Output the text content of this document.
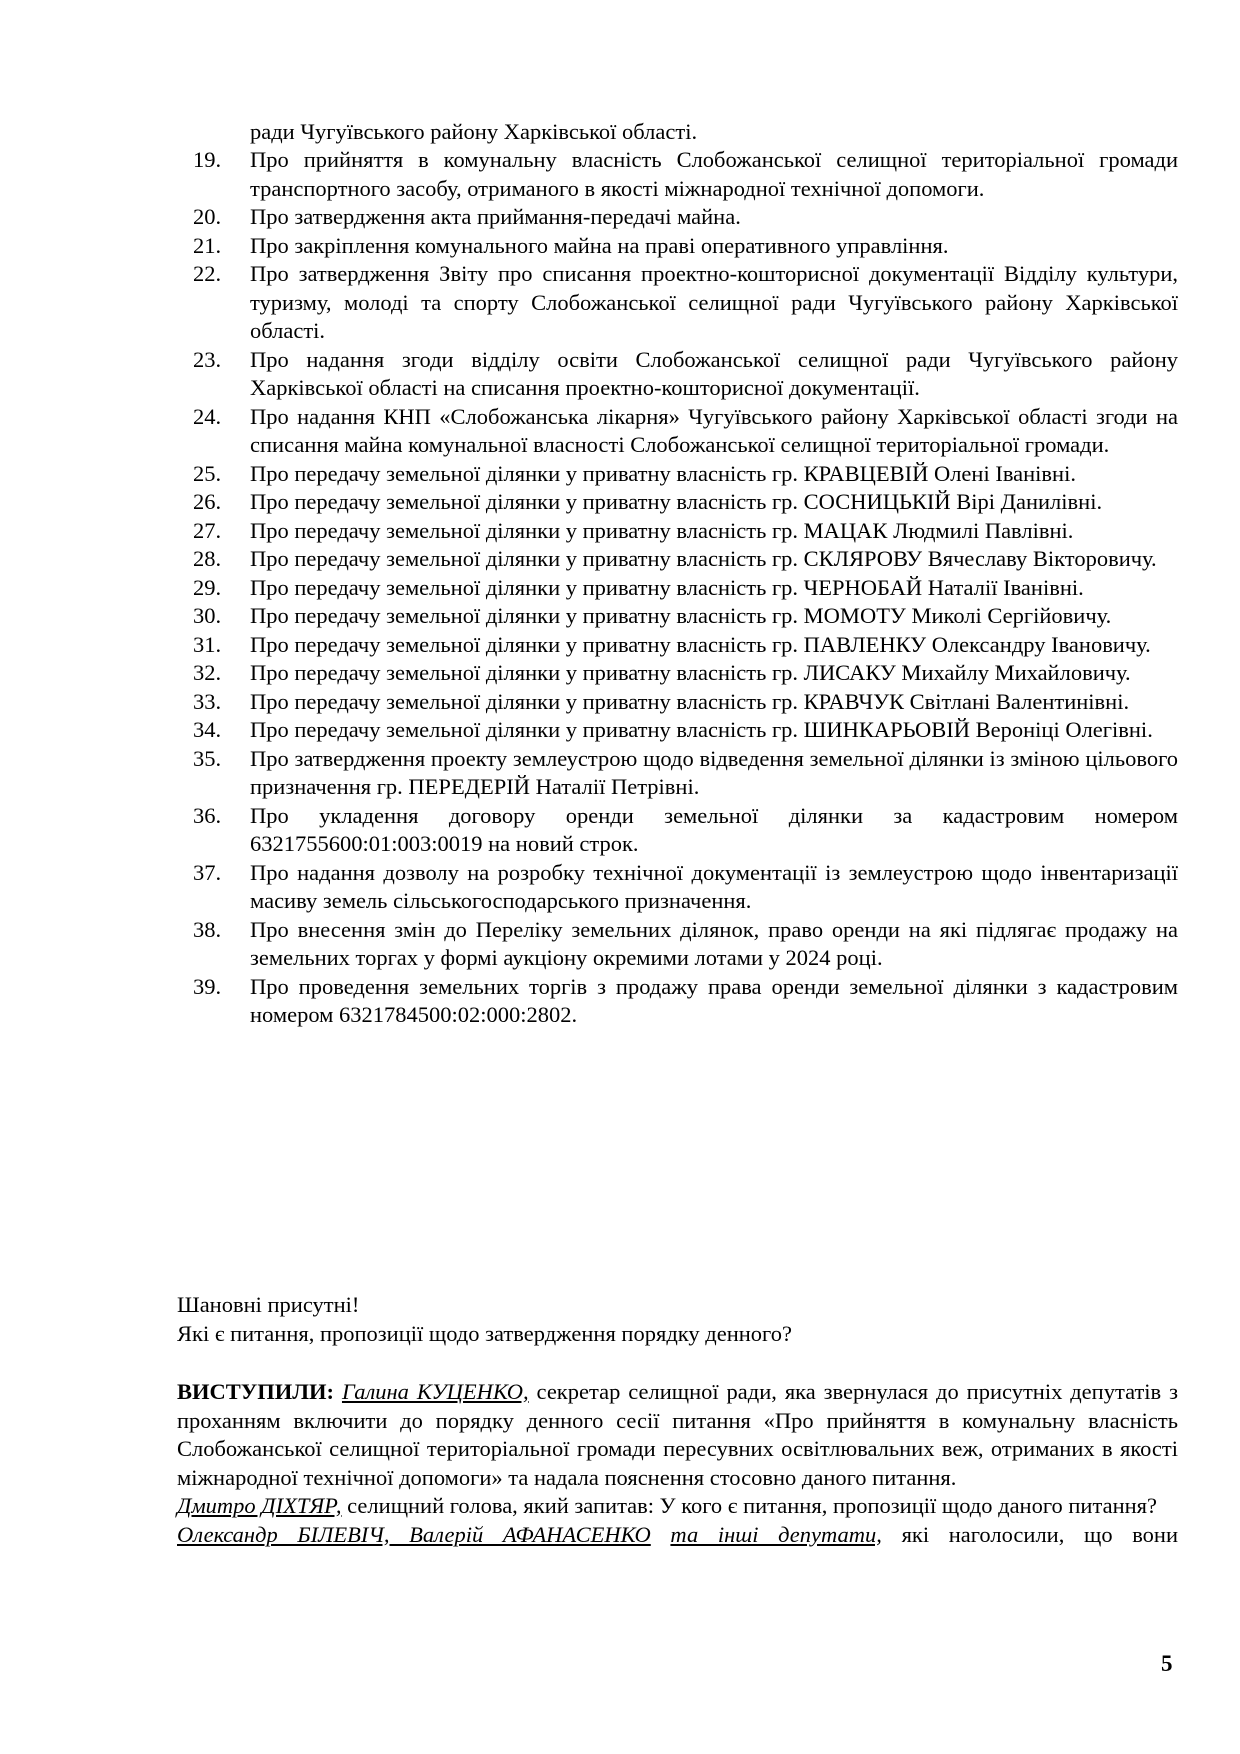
ради Чугуївського району Харківської області.
19. Про прийняття в комунальну власність Слобожанської селищної територіальної громади транспортного засобу, отриманого в якості міжнародної технічної допомоги.
20. Про затвердження акта приймання-передачі майна.
21. Про закріплення комунального майна на праві оперативного управління.
22. Про затвердження Звіту про списання проектно-кошторисної документації Відділу культури, туризму, молоді та спорту Слобожанської селищної ради Чугуївського району Харківської області.
23. Про надання згоди відділу освіти Слобожанської селищної ради Чугуївського району Харківської області на списання проектно-кошторисної документації.
24. Про надання КНП «Слобожанська лікарня» Чугуївського району Харківської області згоди на списання майна комунальної власності Слобожанської селищної територіальної громади.
25. Про передачу земельної ділянки у приватну власність гр. КРАВЦЕВІЙ Олені Іванівні.
26. Про передачу земельної ділянки у приватну власність гр. СОСНИЦЬКІЙ Вірі Данилівні.
27. Про передачу земельної ділянки у приватну власність гр. МАЦАК Людмилі Павлівні.
28. Про передачу земельної ділянки у приватну власність гр. СКЛЯРОВУ Вячеславу Вікторовичу.
29. Про передачу земельної ділянки у приватну власність гр. ЧЕРНОБАЙ Наталії Іванівні.
30. Про передачу земельної ділянки у приватну власність гр. МОМОТУ Миколі Сергійовичу.
31. Про передачу земельної ділянки у приватну власність гр. ПАВЛЕНКУ Олександру Івановичу.
32. Про передачу земельної ділянки у приватну власність гр. ЛИСАКУ Михайлу Михайловичу.
33. Про передачу земельної ділянки у приватну власність гр. КРАВЧУК Світлані Валентинівні.
34. Про передачу земельної ділянки у приватну власність гр. ШИНКАРЬОВІЙ Вероніці Олегівні.
35. Про затвердження проекту землеустрою щодо відведення земельної ділянки із зміною цільового призначення гр. ПЕРЕДЕРІЙ Наталії Петрівні.
36. Про укладення договору оренди земельної ділянки за кадастровим номером 6321755600:01:003:0019 на новий строк.
37. Про надання дозволу на розробку технічної документації із землеустрою щодо інвентаризації масиву земель сільськогосподарського призначення.
38. Про внесення змін до Переліку земельних ділянок, право оренди на які підлягає продажу на земельних торгах у формі аукціону окремими лотами у 2024 році.
39. Про проведення земельних торгів з продажу права оренди земельної ділянки з кадастровим номером 6321784500:02:000:2802.

Шановні присутні!

Які є питання, пропозиції щодо затвердження порядку денного?

ВИСТУПИЛИ: Галина КУЦЕНКО, секретар селищної ради, яка звернулася до присутніх депутатів з проханням включити до порядку денного сесії питання «Про прийняття в комунальну власність Слобожанської селищної територіальної громади пересувних освітлювальних веж, отриманих в якості міжнародної технічної допомоги» та надала пояснення стосовно даного питання.

Дмитро ДІХТЯР, селищний голова, який запитав: У кого є питання, пропозиції щодо даного питання?

Олександр БІЛЕВІЧ, Валерій АФАНАСЕНКО та інші депутати, які наголосили, що вони

5
